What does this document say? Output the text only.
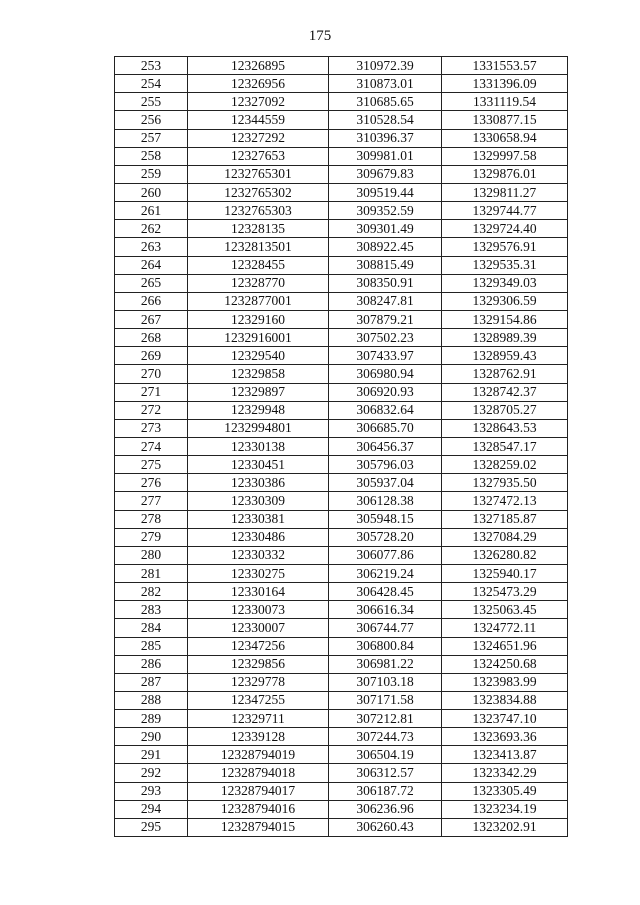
175
253	12326895	310972.39	1331553.57
254	12326956	310873.01	1331396.09
255	12327092	310685.65	1331119.54
256	12344559	310528.54	1330877.15
257	12327292	310396.37	1330658.94
258	12327653	309981.01	1329997.58
259	1232765301	309679.83	1329876.01
260	1232765302	309519.44	1329811.27
261	1232765303	309352.59	1329744.77
262	12328135	309301.49	1329724.40
263	1232813501	308922.45	1329576.91
264	12328455	308815.49	1329535.31
265	12328770	308350.91	1329349.03
266	1232877001	308247.81	1329306.59
267	12329160	307879.21	1329154.86
268	1232916001	307502.23	1328989.39
269	12329540	307433.97	1328959.43
270	12329858	306980.94	1328762.91
271	12329897	306920.93	1328742.37
272	12329948	306832.64	1328705.27
273	1232994801	306685.70	1328643.53
274	12330138	306456.37	1328547.17
275	12330451	305796.03	1328259.02
276	12330386	305937.04	1327935.50
277	12330309	306128.38	1327472.13
278	12330381	305948.15	1327185.87
279	12330486	305728.20	1327084.29
280	12330332	306077.86	1326280.82
281	12330275	306219.24	1325940.17
282	12330164	306428.45	1325473.29
283	12330073	306616.34	1325063.45
284	12330007	306744.77	1324772.11
285	12347256	306800.84	1324651.96
286	12329856	306981.22	1324250.68
287	12329778	307103.18	1323983.99
288	12347255	307171.58	1323834.88
289	12329711	307212.81	1323747.10
290	12339128	307244.73	1323693.36
291	12328794019	306504.19	1323413.87
292	12328794018	306312.57	1323342.29
293	12328794017	306187.72	1323305.49
294	12328794016	306236.96	1323234.19
295	12328794015	306260.43	1323202.91
